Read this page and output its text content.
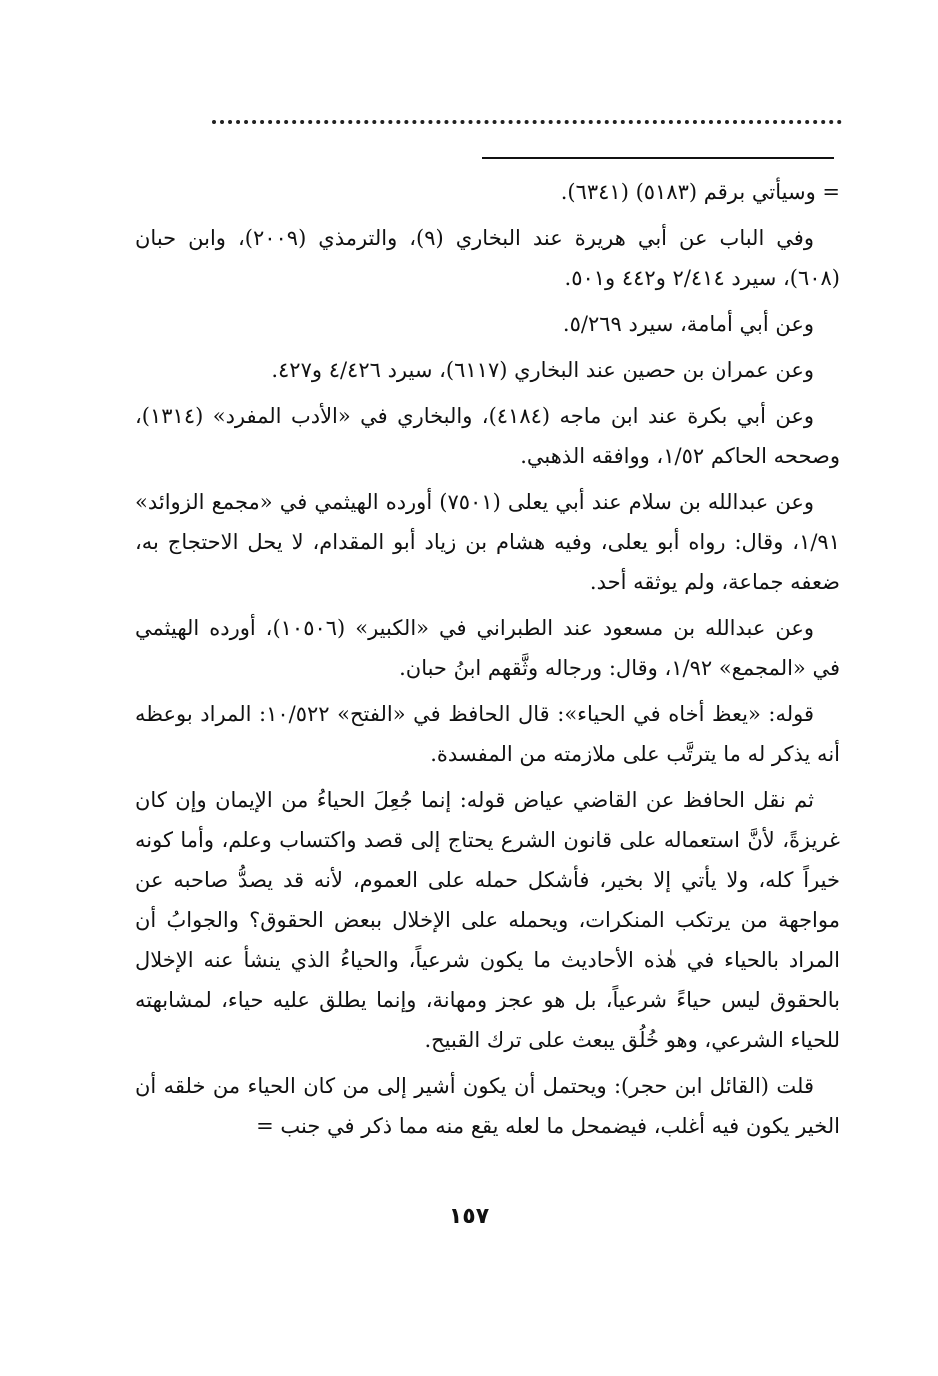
= وسيأتي برقم (٥١٨٣) (٦٣٤١).

وفي الباب عن أبي هريرة عند البخاري (٩)، والترمذي (٢٠٠٩)، وابن حبان (٦٠٨)، سيرد ٢/٤١٤ و٤٤٢ و٥٠١.

وعن أبي أمامة، سيرد ٥/٢٦٩.

وعن عمران بن حصين عند البخاري (٦١١٧)، سيرد ٤/٤٢٦ و٤٢٧.

وعن أبي بكرة عند ابن ماجه (٤١٨٤)، والبخاري في «الأدب المفرد» (١٣١٤)، وصححه الحاكم ١/٥٢، ووافقه الذهبي.

وعن عبدالله بن سلام عند أبي يعلى (٧٥٠١) أورده الهيثمي في «مجمع الزوائد» ١/٩١، وقال: رواه أبو يعلى، وفيه هشام بن زياد أبو المقدام، لا يحل الاحتجاج به، ضعفه جماعة، ولم يوثقه أحد.

وعن عبدالله بن مسعود عند الطبراني في «الكبير» (١٠٥٠٦)، أورده الهيثمي في «المجمع» ١/٩٢، وقال: ورجاله وثَّقهم ابنُ حبان.

قوله: «يعظ أخاه في الحياء»: قال الحافظ في «الفتح» ١٠/٥٢٢: المراد بوعظه أنه يذكر له ما يترتَّب على ملازمته من المفسدة.

ثم نقل الحافظ عن القاضي عياض قوله: إنما جُعِلَ الحياءُ من الإيمان وإن كان غريزةً، لأنَّ استعماله على قانون الشرع يحتاج إلى قصد واكتساب وعلم، وأما كونه خيراً كله، ولا يأتي إلا بخير، فأشكل حمله على العموم، لأنه قد يصدُّ صاحبه عن مواجهة من يرتكب المنكرات، ويحمله على الإخلال ببعض الحقوق؟ والجوابُ أن المراد بالحياء في هٰذه الأحاديث ما يكون شرعياً، والحياءُ الذي ينشأ عنه الإخلال بالحقوق ليس حياءً شرعياً، بل هو عجز ومهانة، وإنما يطلق عليه حياء، لمشابهته للحياء الشرعي، وهو خُلُق يبعث على ترك القبيح.

قلت (القائل ابن حجر): ويحتمل أن يكون أشير إلى من كان الحياء من خلقه أن الخير يكون فيه أغلب، فيضمحل ما لعله يقع منه مما ذكر في جنب =

١٥٧
